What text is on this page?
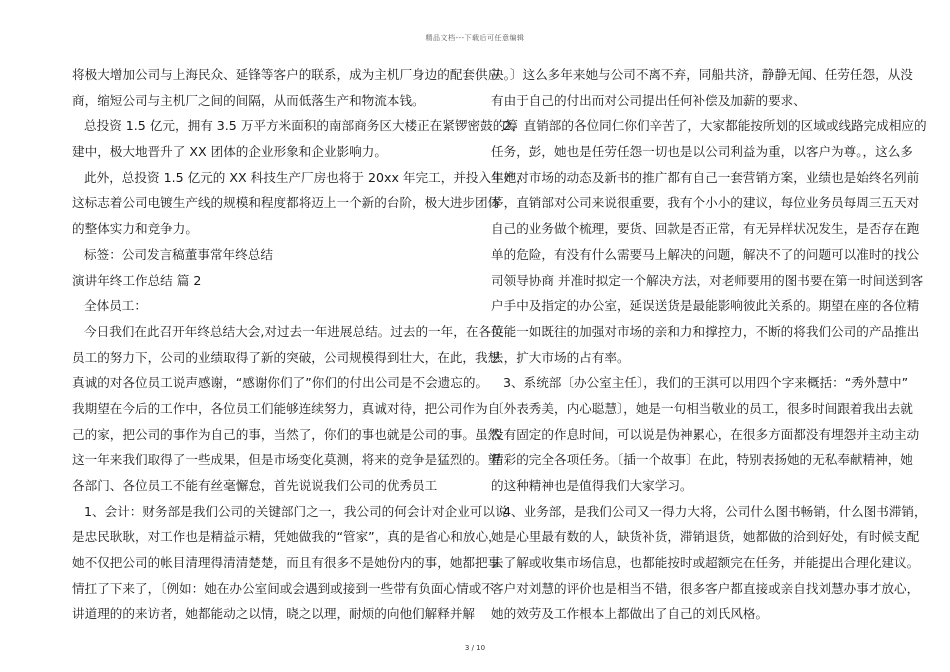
精品文档---下载后可任意编辑
将极大增加公司与上海民众、延锋等客户的联系，成为主机厂身边的配套供应
商，缩短公司与主机厂之间的间隔，从而低落生产和物流本钱。
总投资 1.5 亿元，拥有 3.5 万平方米面积的南部商务区大楼正在紧锣密鼓的筹
建中，极大地晋升了 XX 团体的企业形象和企业影响力。
此外，总投资 1.5 亿元的 XX 科技生产厂房也将于 20xx 年完工，并投入生产，
这标志着公司电镀生产线的规模和程度都将迈上一个新的台阶，极大进步团体
的整体实力和竞争力。
标签：公司发言稿董事常年终总结
演讲年终工作总结 篇 2
全体员工：
今日我们在此召开年终总结大会,对过去一年进展总结。过去的一年，在各位
员工的努力下，公司的业绩取得了新的突破，公司规模得到壮大，在此，我想
真诚的对各位员工说声感谢，“感谢你们了”你们的付出公司是不会遗忘的。
我期望在今后的工作中，各位员工们能够连续努力，真诚对待，把公司作为自
己的家，把公司的事作为自己的事，当然了，你们的事也就是公司的事。虽然
这一年来我们取得了一些成果，但是市场变化莫测，将来的竞争是猛烈的。望
各部门、各位员工不能有丝毫懈怠，首先说说我们公司的优秀员工
1、会计：财务部是我们公司的关键部门之一，我公司的何会计对企业可以说
是忠民耿耿，对工作也是精益示精，凭她做我的“管家”，真的是省心和放心，
她不仅把公司的帐目清理得清清楚楚，而且有很多不是她份内的事，她都把事
情扛了下来了，〔例如：她在办公室间或会遇到或接到一些带有负面心情或不
讲道理的的来访者，她都能动之以情，晓之以理，耐烦的向他们解释并解
决。〕这么多年来她与公司不离不弃，同船共济，静静无闻、任劳任怨，从没
有由于自己的付出而对公司提出任何补偿及加薪的要求、
2、直销部的各位同仁你们辛苦了，大家都能按所划的区域或线路完成相应的
任务，彭，她也是任劳任怨一切也是以公司利益为重，以客户为尊。，这么多
年她对市场的动态及新书的推广都有自己一套营销方案，业绩也是始终名列前
茅，直销部对公司来说很重要，我有个小小的建议，每位业务员每周三五天对
自己的业务做个梳理，要货、回款是否正常，有无异样状况发生，是否存在跑
单的危险，有没有什么需要马上解决的问题，解决不了的问题可以准时的找公
司领导协商 并准时拟定一个解决方法，对老师要用的图书要在第一时间送到客
户手中及指定的办公室，延误送货是最能影响彼此关系的。期望在座的各位精
英能一如既往的加强对市场的亲和力和撑控力，不断的将我们公司的产品推出
去，扩大市场的占有率。
3、系统部〔办公室主任〕，我们的王淇可以用四个字来概括：“秀外慧中”
〔外表秀美，内心聪慧〕，她是一句相当敬业的员工，很多时间跟着我出去就
没有固定的作息时间，可以说是伪神累心，在很多方面都没有埋怨并主动主动
精彩的完全各项任务。〔插一个故事〕在此，特别表扬她的无私奉献精神，她
的这种精神也是值得我们大家学习。
4、业务部，是我们公司又一得力大将，公司什么图书畅销，什么图书滞销，
她是心里最有数的人，缺货补货，滞销退货，她都做的洽到好处，有时候支配
去了解或收集市场信息，也都能按时或超额完在任务，并能提出合理化建议。
客户对刘慧的评价也是相当不错，很多客户都直接或亲自找刘慧办事才放心，
她的效劳及工作根本上都做出了自己的刘氏风格。
3 / 10
